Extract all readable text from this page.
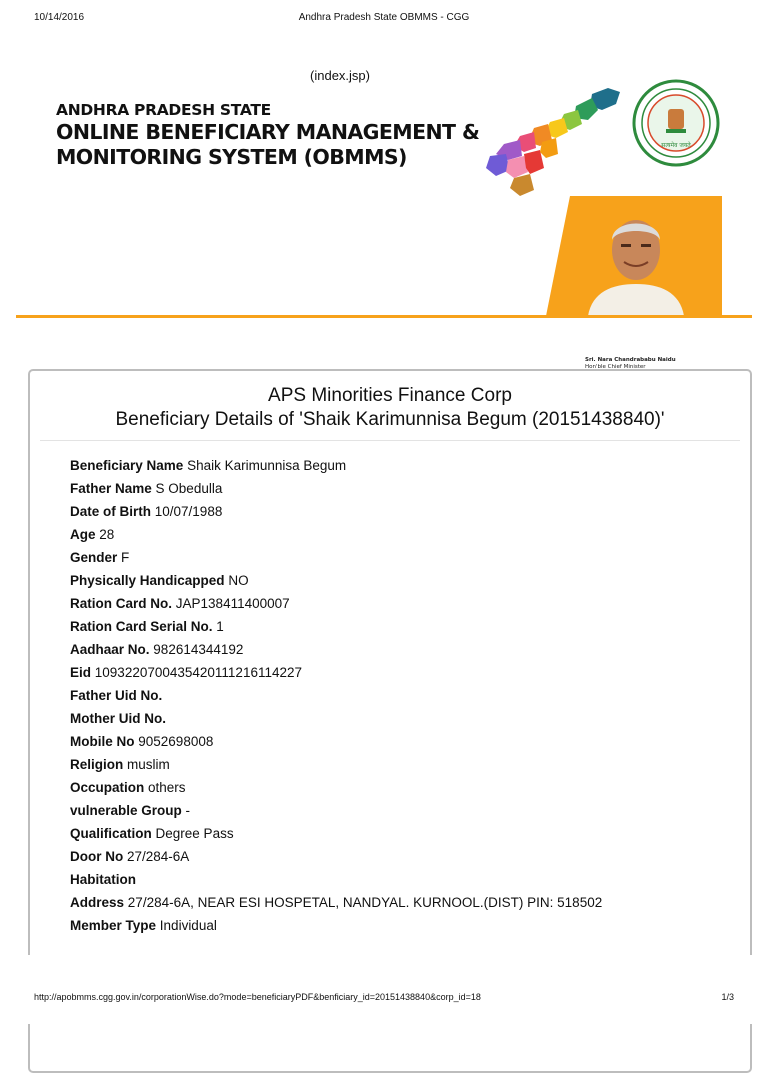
10/14/2016	Andhra Pradesh State OBMMS - CGG
(index.jsp)
ANDHRA PRADESH STATE
ONLINE BENEFICIARY MANAGEMENT &
MONITORING SYSTEM (OBMMS)	सत्यमेव जयते
Sri. Nara Chandrababu Naidu
Hon'ble Chief Minister
APS Minorities Finance Corp
Beneficiary Details of 'Shaik Karimunnisa Begum (20151438840)'
Beneficiary Name Shaik Karimunnisa Begum
Father Name S Obedulla
Date of Birth 10/07/1988
Age 28
Gender F
Physically Handicapped NO
Ration Card No. JAP138411400007
Ration Card Serial No. 1
Aadhaar No. 982614344192
Eid 1093220700435420111216114227
Father Uid No.
Mother Uid No.
Mobile No 9052698008
Religion muslim
Occupation others
vulnerable Group -
Qualification Degree Pass
Door No 27/284-6A
Habitation
Address 27/284-6A, NEAR ESI HOSPETAL, NANDYAL. KURNOOL.(DIST) PIN: 518502
Member Type Individual
http://apobmms.cgg.gov.in/corporationWise.do?mode=beneficiaryPDF&benficiary_id=20151438840&corp_id=18	1/3
